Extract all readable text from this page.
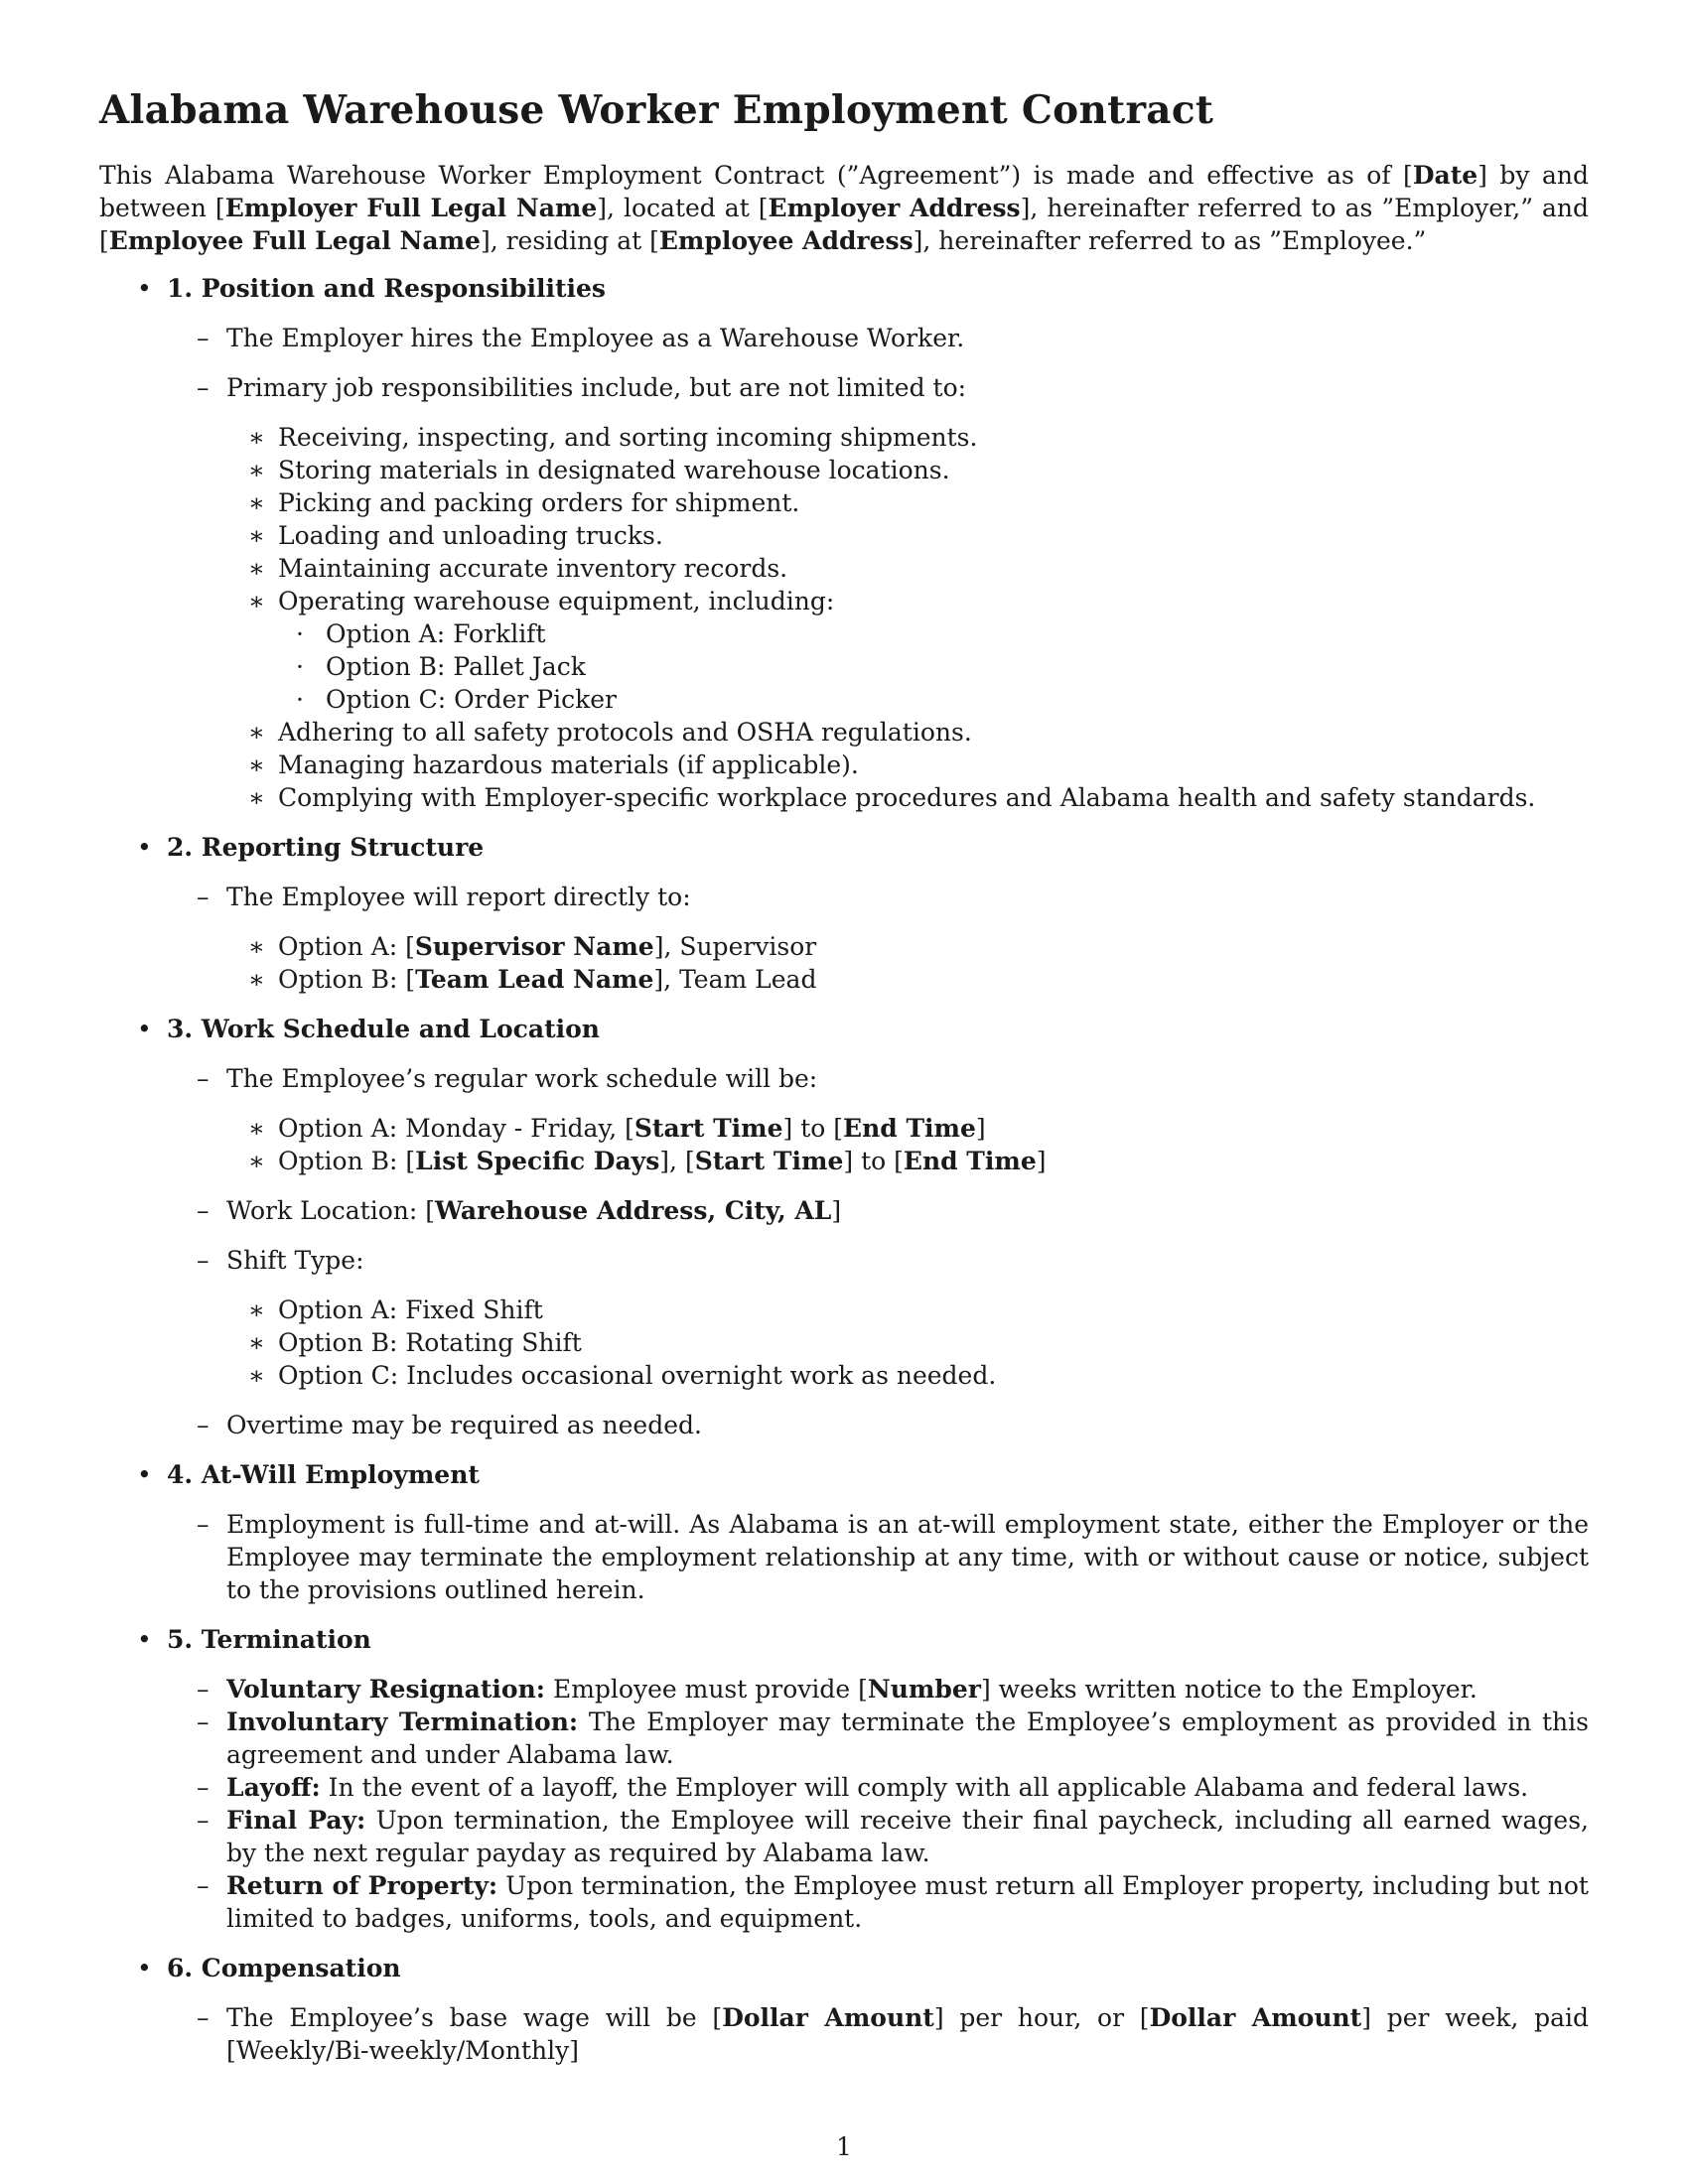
Alabama Warehouse Worker Employment Contract

This Alabama Warehouse Worker Employment Contract (”Agreement”) is made and effective as of [Date] by and between [Employer Full Legal Name], located at [Employer Address], hereinafter referred to as ”Employer,” and [Employee Full Legal Name], residing at [Employee Address], hereinafter referred to as ”Employee.”

• 1. Position and Responsibilities
– The Employer hires the Employee as a Warehouse Worker.
– Primary job responsibilities include, but are not limited to:
∗ Receiving, inspecting, and sorting incoming shipments.
∗ Storing materials in designated warehouse locations.
∗ Picking and packing orders for shipment.
∗ Loading and unloading trucks.
∗ Maintaining accurate inventory records.
∗ Operating warehouse equipment, including:
· Option A: Forklift
· Option B: Pallet Jack
· Option C: Order Picker
∗ Adhering to all safety protocols and OSHA regulations.
∗ Managing hazardous materials (if applicable).
∗ Complying with Employer-specific workplace procedures and Alabama health and safety standards.
• 2. Reporting Structure
– The Employee will report directly to:
∗ Option A: [Supervisor Name], Supervisor
∗ Option B: [Team Lead Name], Team Lead
• 3. Work Schedule and Location
– The Employee’s regular work schedule will be:
∗ Option A: Monday - Friday, [Start Time] to [End Time]
∗ Option B: [List Specific Days], [Start Time] to [End Time]
– Work Location: [Warehouse Address, City, AL]
– Shift Type:
∗ Option A: Fixed Shift
∗ Option B: Rotating Shift
∗ Option C: Includes occasional overnight work as needed.
– Overtime may be required as needed.
• 4. At-Will Employment
– Employment is full-time and at-will. As Alabama is an at-will employment state, either the Employer or the Employee may terminate the employment relationship at any time, with or without cause or notice, subject to the provisions outlined herein.
• 5. Termination
– Voluntary Resignation: Employee must provide [Number] weeks written notice to the Employer.
– Involuntary Termination: The Employer may terminate the Employee’s employment as provided in this agreement and under Alabama law.
– Layoff: In the event of a layoff, the Employer will comply with all applicable Alabama and federal laws.
– Final Pay: Upon termination, the Employee will receive their final paycheck, including all earned wages, by the next regular payday as required by Alabama law.
– Return of Property: Upon termination, the Employee must return all Employer property, including but not limited to badges, uniforms, tools, and equipment.
• 6. Compensation
– The Employee’s base wage will be [Dollar Amount] per hour, or [Dollar Amount] per week, paid [Weekly/Bi-weekly/Monthly]
1
